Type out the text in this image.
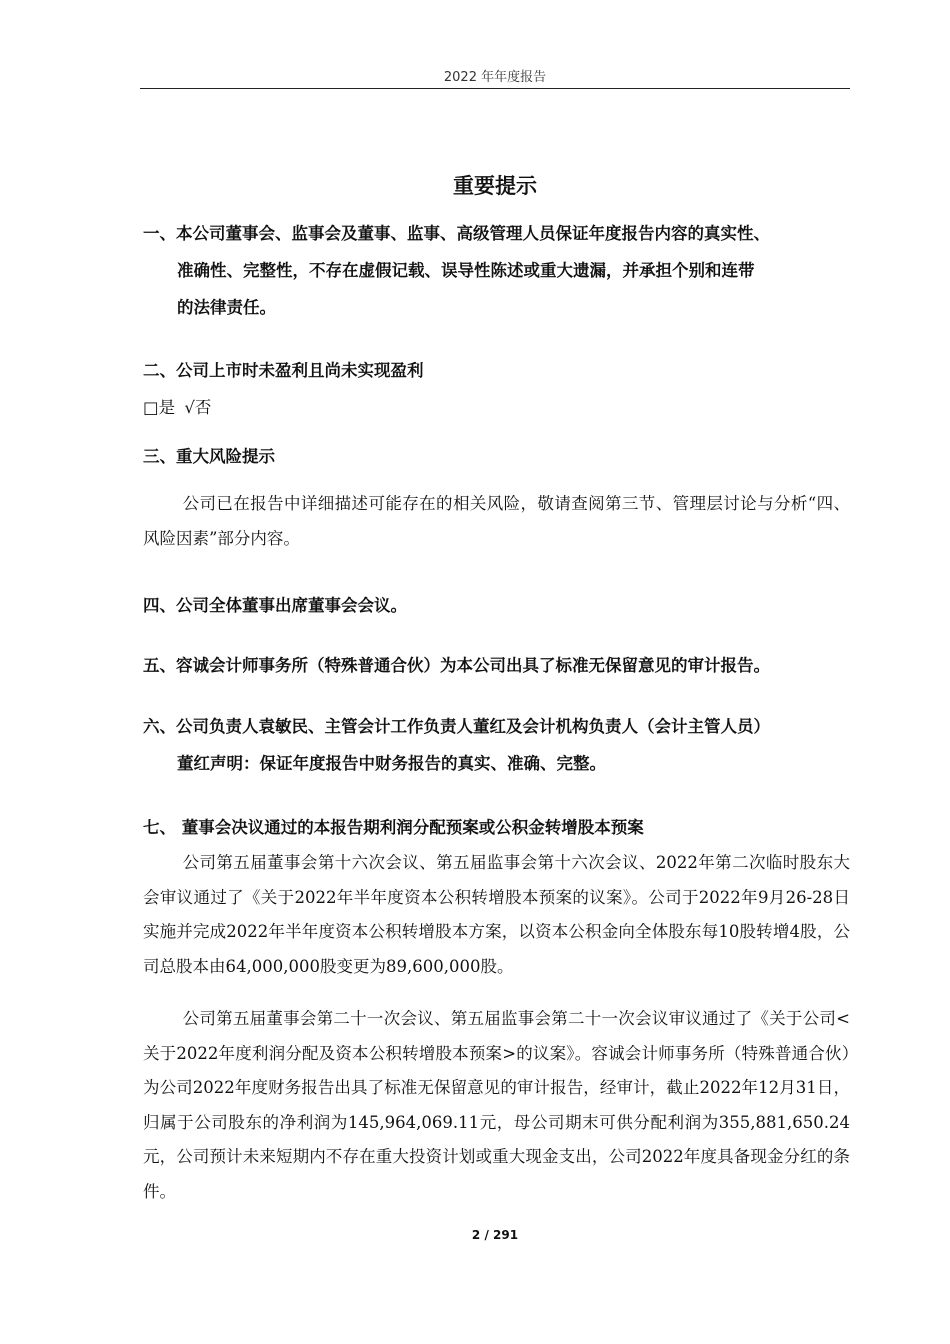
2022 年年度报告
重要提示
一、本公司董事会、监事会及董事、监事、高级管理人员保证年度报告内容的真实性、
准确性、完整性，不存在虚假记载、误导性陈述或重大遗漏，并承担个别和连带
的法律责任。
二、公司上市时未盈利且尚未实现盈利
□是 √否
三、重大风险提示
公司已在报告中详细描述可能存在的相关风险，敬请查阅第三节、管理层讨论与分析“四、风险因素”部分内容。
四、公司全体董事出席董事会会议。
五、容诚会计师事务所（特殊普通合伙）为本公司出具了标准无保留意见的审计报告。
六、公司负责人袁敏民、主管会计工作负责人董红及会计机构负责人（会计主管人员）
董红声明：保证年度报告中财务报告的真实、准确、完整。
七、 董事会决议通过的本报告期利润分配预案或公积金转增股本预案
公司第五届董事会第十六次会议、第五届监事会第十六次会议、2022年第二次临时股东大会审议通过了《关于2022年半年度资本公积转增股本预案的议案》。公司于2022年9月26-28日实施并完成2022年半年度资本公积转增股本方案，以资本公积金向全体股东每10股转增4股，公司总股本由64,000,000股变更为89,600,000股。
公司第五届董事会第二十一次会议、第五届监事会第二十一次会议审议通过了《关于公司<关于2022年度利润分配及资本公积转增股本预案>的议案》。容诚会计师事务所（特殊普通合伙）为公司2022年度财务报告出具了标准无保留意见的审计报告，经审计，截止2022年12月31日，归属于公司股东的净利润为145,964,069.11元，母公司期末可供分配利润为355,881,650.24元，公司预计未来短期内不存在重大投资计划或重大现金支出，公司2022年度具备现金分红的条件。
2 / 291
